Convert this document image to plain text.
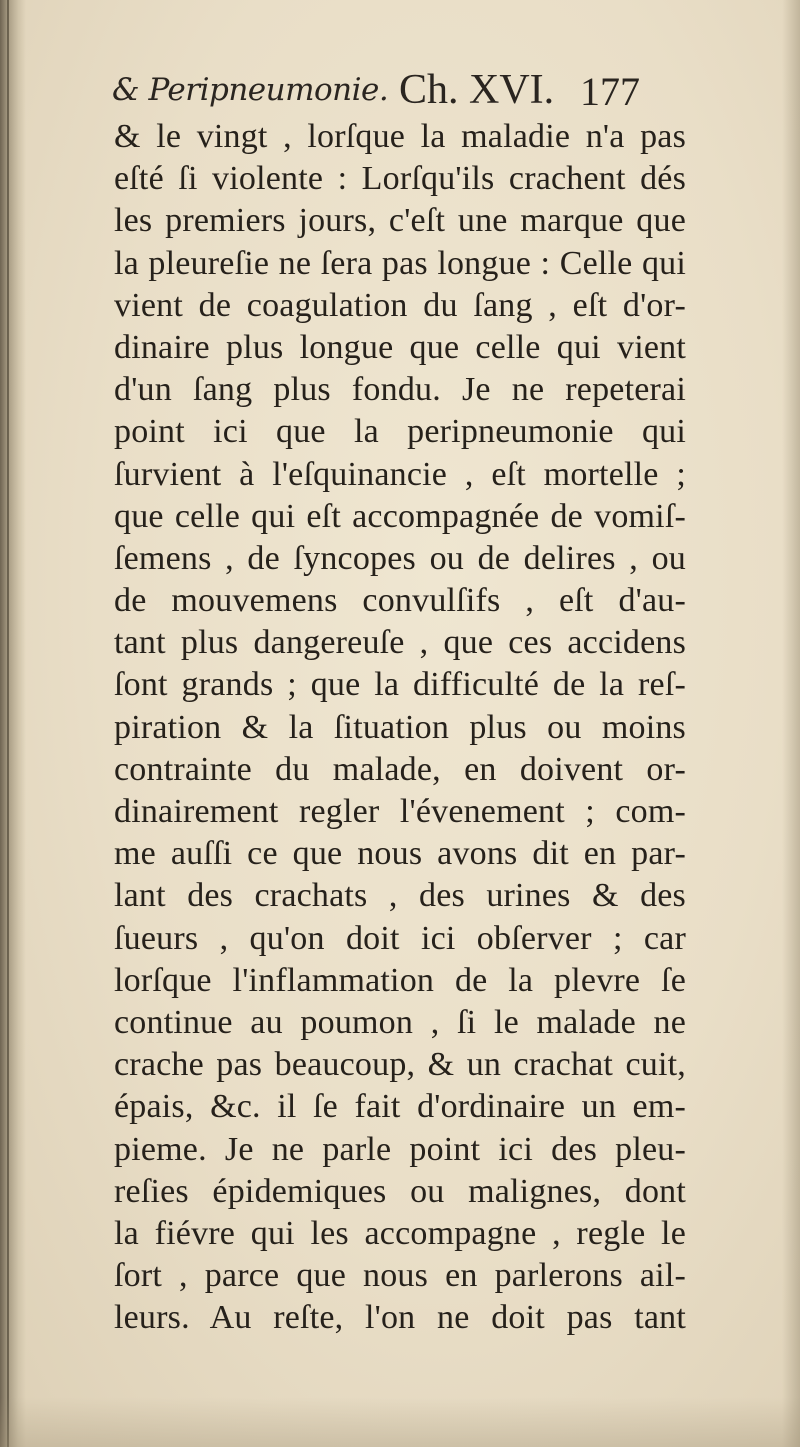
& Peripneumonie. Ch. XVI. 177
& le vingt , lorſque la maladie n'a pas
eſté ſi violente : Lorſqu'ils crachent dés
les premiers jours, c'eſt une marque que
la pleureſie ne ſera pas longue : Celle qui
vient de coagulation du ſang , eſt d'or-
dinaire plus longue que celle qui vient
d'un ſang plus fondu. Je ne repeterai
point ici que la peripneumonie qui
ſurvient à l'eſquinancie , eſt mortelle ;
que celle qui eſt accompagnée de vomiſ-
ſemens , de ſyncopes ou de delires , ou
de mouvemens convulſifs , eſt d'au-
tant plus dangereuſe , que ces accidens
ſont grands ; que la difficulté de la reſ-
piration & la ſituation plus ou moins
contrainte du malade, en doivent or-
dinairement regler l'évenement ; com-
me auſſi ce que nous avons dit en par-
lant des crachats , des urines & des
ſueurs , qu'on doit ici obſerver ; car
lorſque l'inflammation de la plevre ſe
continue au poumon , ſi le malade ne
crache pas beaucoup, & un crachat cuit,
épais, &c. il ſe fait d'ordinaire un em-
pieme. Je ne parle point ici des pleu-
reſies épidemiques ou malignes, dont
la fiévre qui les accompagne , regle le
ſort , parce que nous en parlerons ail-
leurs. Au reſte, l'on ne doit pas tant
